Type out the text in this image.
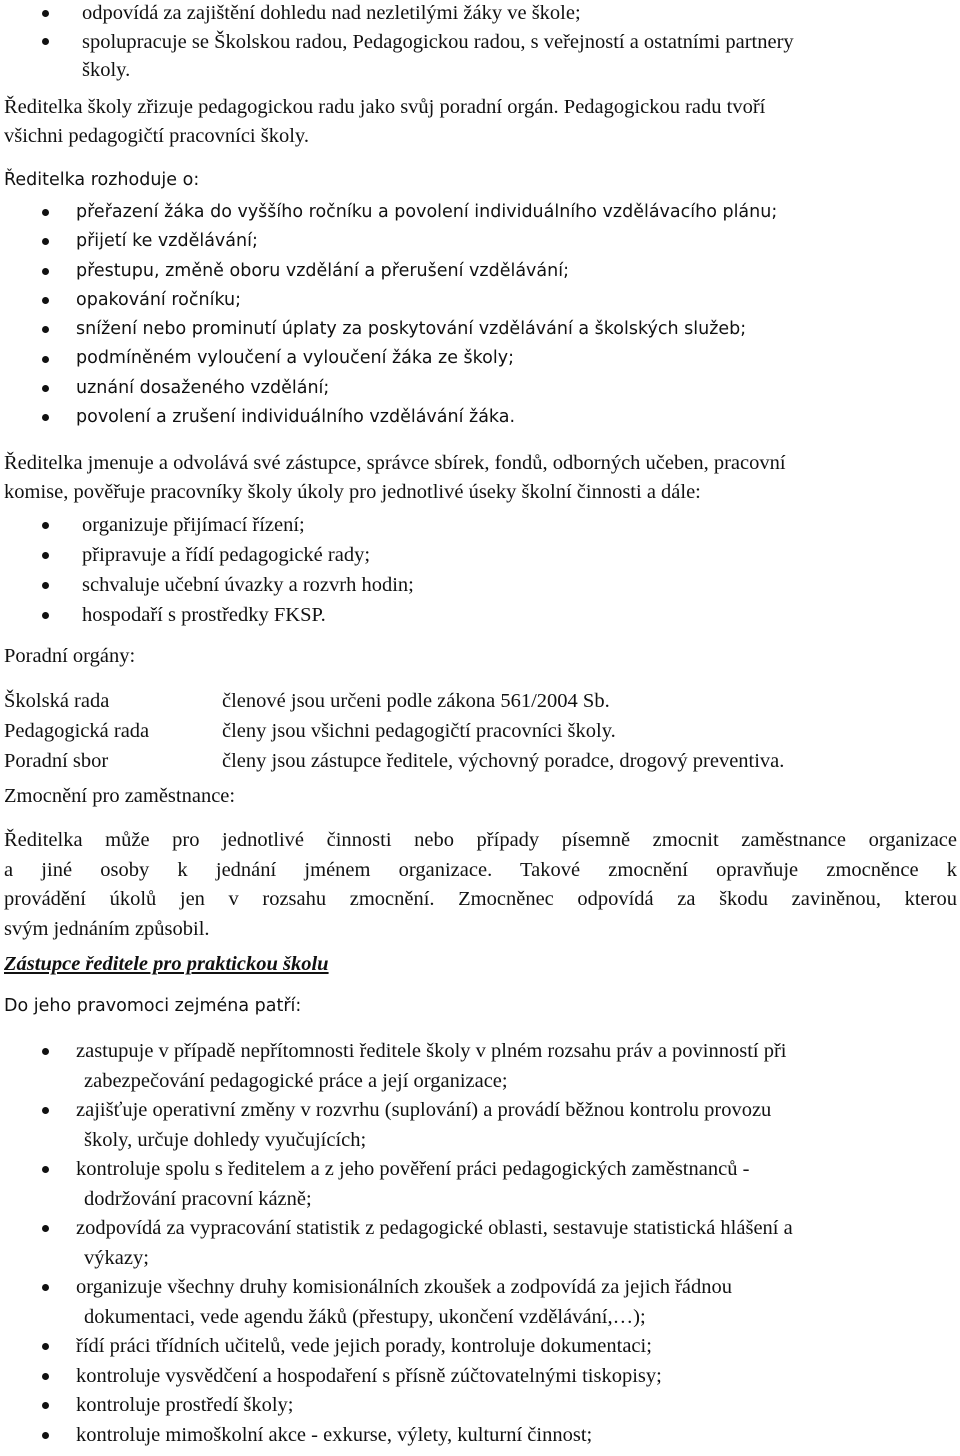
odpovídá za zajištění dohledu nad nezletilými žáky ve škole;
spolupracuje se Školskou radou, Pedagogickou radou, s veřejností a ostatními partnery
školy.
Ředitelka školy zřizuje pedagogickou radu jako svůj poradní orgán. Pedagogickou radu tvoří
všichni pedagogičtí pracovníci školy.
Ředitelka rozhoduje o:
přeřazení žáka do vyššího ročníku a povolení individuálního vzdělávacího plánu;
přijetí ke vzdělávání;
přestupu, změně oboru vzdělání a přerušení vzdělávání;
opakování ročníku;
snížení nebo prominutí úplaty za poskytování vzdělávání a školských služeb;
podmíněném vyloučení a vyloučení žáka ze školy;
uznání dosaženého vzdělání;
povolení a zrušení individuálního vzdělávání žáka.
Ředitelka jmenuje a odvolává své zástupce, správce sbírek, fondů, odborných učeben, pracovní
komise, pověřuje pracovníky školy úkoly pro jednotlivé úseky školní činnosti a dále:
organizuje přijímací řízení;
připravuje a řídí pedagogické rady;
schvaluje učební úvazky a rozvrh hodin;
hospodaří s prostředky FKSP.
Poradní orgány:
Školská rada	členové jsou určeni podle zákona 561/2004 Sb.
Pedagogická rada	členy jsou všichni pedagogičtí pracovníci školy.
Poradní sbor	členy jsou zástupce ředitele, výchovný poradce, drogový preventiva.
Zmocnění pro zaměstnance:
Ředitelka může pro jednotlivé činnosti nebo případy písemně zmocnit zaměstnance organizace
a jiné osoby k jednání jménem organizace. Takové zmocnění opravňuje zmocněnce k
provádění úkolů jen v rozsahu zmocnění. Zmocněnec odpovídá za škodu zaviněnou, kterou
svým jednáním způsobil.
Zástupce ředitele pro praktickou školu
Do jeho pravomoci zejména patří:
zastupuje v případě nepřítomnosti ředitele školy v plném rozsahu práv a povinností při
zabezpečování pedagogické práce a její organizace;
zajišťuje operativní změny v rozvrhu (suplování) a provádí běžnou kontrolu provozu
školy, určuje dohledy vyučujících;
kontroluje spolu s ředitelem a z jeho pověření práci pedagogických zaměstnanců -
dodržování pracovní kázně;
zodpovídá za vypracování statistik z pedagogické oblasti, sestavuje statistická hlášení a
výkazy;
organizuje všechny druhy komisionálních zkoušek a zodpovídá za jejich řádnou
dokumentaci, vede agendu žáků (přestupy, ukončení vzdělávání,…);
řídí práci třídních učitelů, vede jejich porady, kontroluje dokumentaci;
kontroluje vysvědčení a hospodaření s přísně zúčtovatelnými tiskopisy;
kontroluje prostředí školy;
kontroluje mimoškolní akce - exkurse, výlety, kulturní činnost;
